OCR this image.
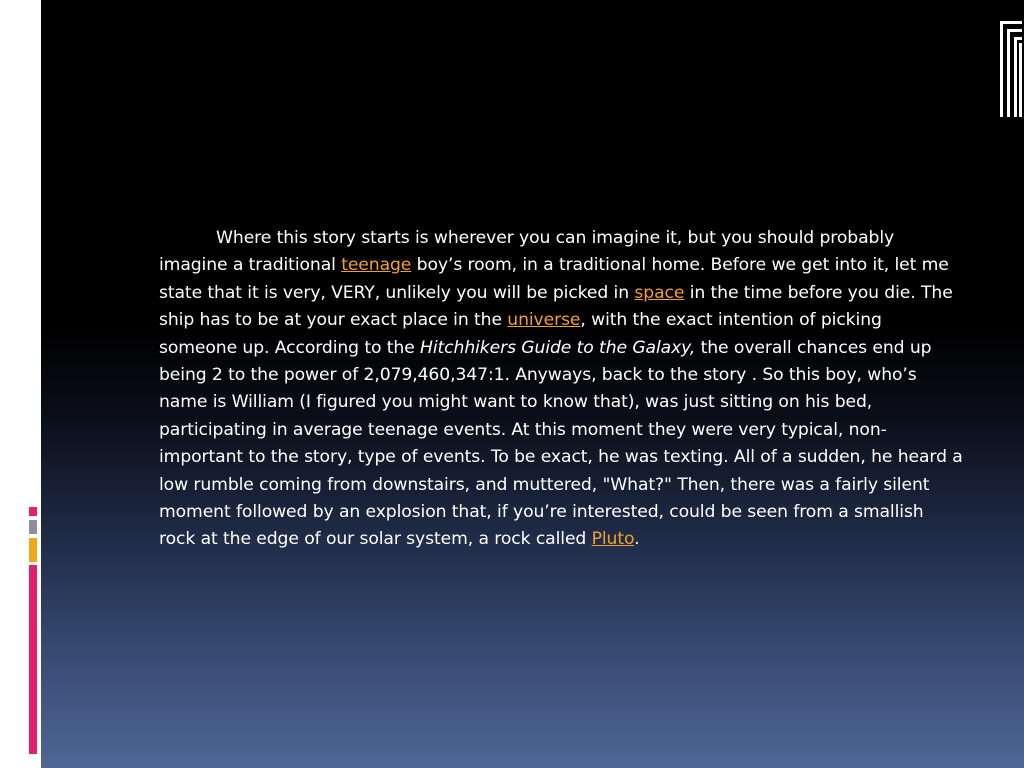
Where this story starts is wherever you can imagine it, but you should probably imagine a traditional teenage boy’s room, in a traditional home. Before we get into it, let me state that it is very, VERY, unlikely you will be picked in space in the time before you die. The ship has to be at your exact place in the universe, with the exact intention of picking someone up. According to the Hitchhikers Guide to the Galaxy, the overall chances end up being 2 to the power of 2,079,460,347:1. Anyways, back to the story . So this boy, who’s name is William (I figured you might want to know that), was just sitting on his bed, participating in average teenage events. At this moment they were very typical, non-important to the story, type of events. To be exact, he was texting. All of a sudden, he heard a low rumble coming from downstairs, and muttered, "What?" Then, there was a fairly silent moment followed by an explosion that, if you’re interested, could be seen from a smallish rock at the edge of our solar system, a rock called Pluto.
